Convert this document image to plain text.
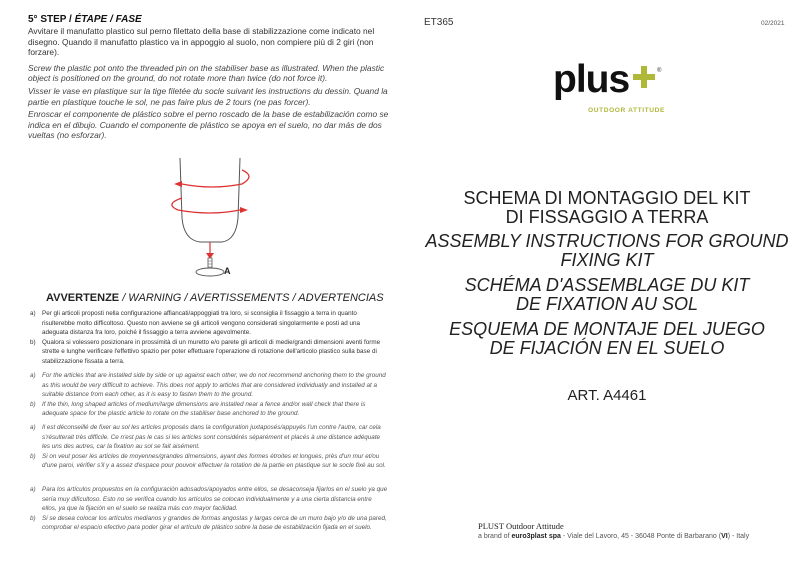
5° STEP / ÉTAPE / FASE

Avvitare il manufatto plastico sul perno filettato della base di stabilizzazione come indicato nel disegno. Quando il manufatto plastico va in appoggio al suolo, non compiere più di 2 giri (non forzare).

Screw the plastic pot onto the threaded pin on the stabiliser base as illustrated. When the plastic object is positioned on the ground, do not rotate more than twice (do not force it).

Visser le vase en plastique sur la tige filetée du socle suivant les instructions du dessin. Quand la partie en plastique touche le sol, ne pas faire plus de 2 tours (ne pas forcer).

Enroscar el componente de plástico sobre el perno roscado de la base de estabilización como se indica en el dibujo. Cuando el componente de plástico se apoya en el suelo, no dar más de dos vueltas (no esforzar).

A
AVVERTENZE / WARNING / AVERTISSEMENTS / ADVERTENCIAS
a) Per gli articoli proposti nella configurazione affiancati/appoggiati tra loro, si sconsiglia il fissaggio a terra in quanto risulterebbe molto difficoltoso. Questo non avviene se gli articoli vengono considerati singolarmente e posti ad una adeguata distanza fra loro, poiché il fissaggio a terra avviene agevolmente.
b) Qualora si volessero posizionare in prossimità di un muretto e/o parete gli articoli di medie/grandi dimensioni aventi forme strette e lunghe verificare l'effettivo spazio per poter effettuare l'operazione di rotazione dell'articolo plastico sulla base di stabilizzazione fissata a terra.
a) For the articles that are installed side by side or up against each other, we do not recommend anchoring them to the ground as this would be very difficult to achieve. This does not apply to articles that are considered individually and installed at a suitable distance from each other, as it is easy to fasten them to the ground.
b) If the thin, long shaped articles of medium/large dimensions are installed near a fence and/or wall check that there is adequate space for the plastic article to rotate on the stabiliser base anchored to the ground.
a) Il est déconseillé de fixer au sol les articles proposés dans la configuration juxtaposés/appuyés l'un contre l'autre, car cela s'résulterait très difficile. Ce n'est pas le cas si les articles sont considérés séparément et placés à une distance adéquate les uns des autres, car la fixation au sol se fait aisément.
b) Si on veut poser les articles de moyennes/grandes dimensions, ayant des formes étroites et longues, près d'un mur et/ou d'une paroi, vérifier s'il y a assez d'espace pour pouvoir effectuer la rotation de la partie en plastique sur le socle fixé au sol.
a) Para los artículos propuestos en la configuración adosados/apoyados entre ellos, se desaconseja fijarlos en el suelo ya que sería muy dificultoso. Esto no se verifica cuando los artículos se colocan individualmente y a una cierta distancia entre ellos, ya que la fijación en el suelo se realiza más con mayor facilidad.
b) Si se desea colocar los artículos medianos y grandes de formas angostas y largas cerca de un muro bajo y/o de una pared, comprobar el espacio efectivo para poder girar el artículo de plástico sobre la base de estabilización fijada en el suelo.
ET365	02/2021
plus	®
OUTDOOR ATTITUDE
SCHEMA DI MONTAGGIO DEL KIT
DI FISSAGGIO A TERRA
ASSEMBLY INSTRUCTIONS FOR GROUND
FIXING KIT
SCHÉMA D'ASSEMBLAGE DU KIT
DE FIXATION AU SOL
ESQUEMA DE MONTAJE DEL JUEGO
DE FIJACIÓN EN EL SUELO
ART. A4461
PLUST Outdoor Attitude
a brand of euro3plast spa - Viale del Lavoro, 45 - 36048 Ponte di Barbarano (VI) - Italy
